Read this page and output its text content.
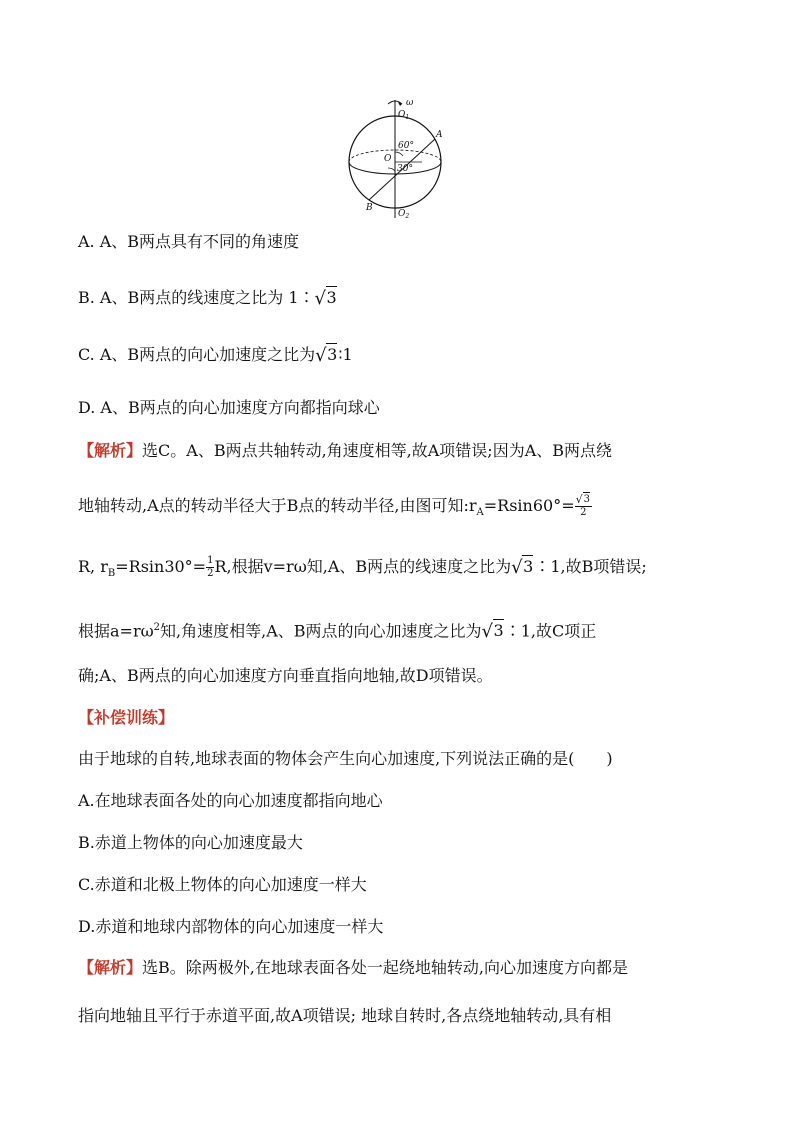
ω
$O_1$
A
60°
O
30°
B
$O_2$
A. A、B两点具有不同的角速度
B. A、B两点的线速度之比为 1∶ √ 3
C. A、B两点的向心加速度之比为 √ 3∶1
D. A、B两点的向心加速度方向都指向球心
【解析】选C。A、B两点共轴转动,角速度相等,故A项错误;因为A、B两点绕
地轴转动,A点的转动半径大于B点的转动半径,由图可知$:r_A=Rsin60^\circ= \frac{√ 3}{2}$
R, $r_B=Rsin30^\circ= \frac{1}{2} R$,根据v=rω知,A、B两点的线速度之比为 √ 3∶1,故B项错误;
根据$a=r\omega^2$知,角速度相等,A、B两点的向心加速度之比为 √ 3∶1,故C项正
确;A、B两点的向心加速度方向垂直指向地轴,故D项错误。
【补偿训练】
由于地球的自转,地球表面的物体会产生向心加速度,下列说法正确的是(　　)
A.在地球表面各处的向心加速度都指向地心
B.赤道上物体的向心加速度最大
C.赤道和北极上物体的向心加速度一样大
D.赤道和地球内部物体的向心加速度一样大
【解析】选B。除两极外,在地球表面各处一起绕地轴转动,向心加速度方向都是
指向地轴且平行于赤道平面,故A项错误; 地球自转时,各点绕地轴转动,具有相
